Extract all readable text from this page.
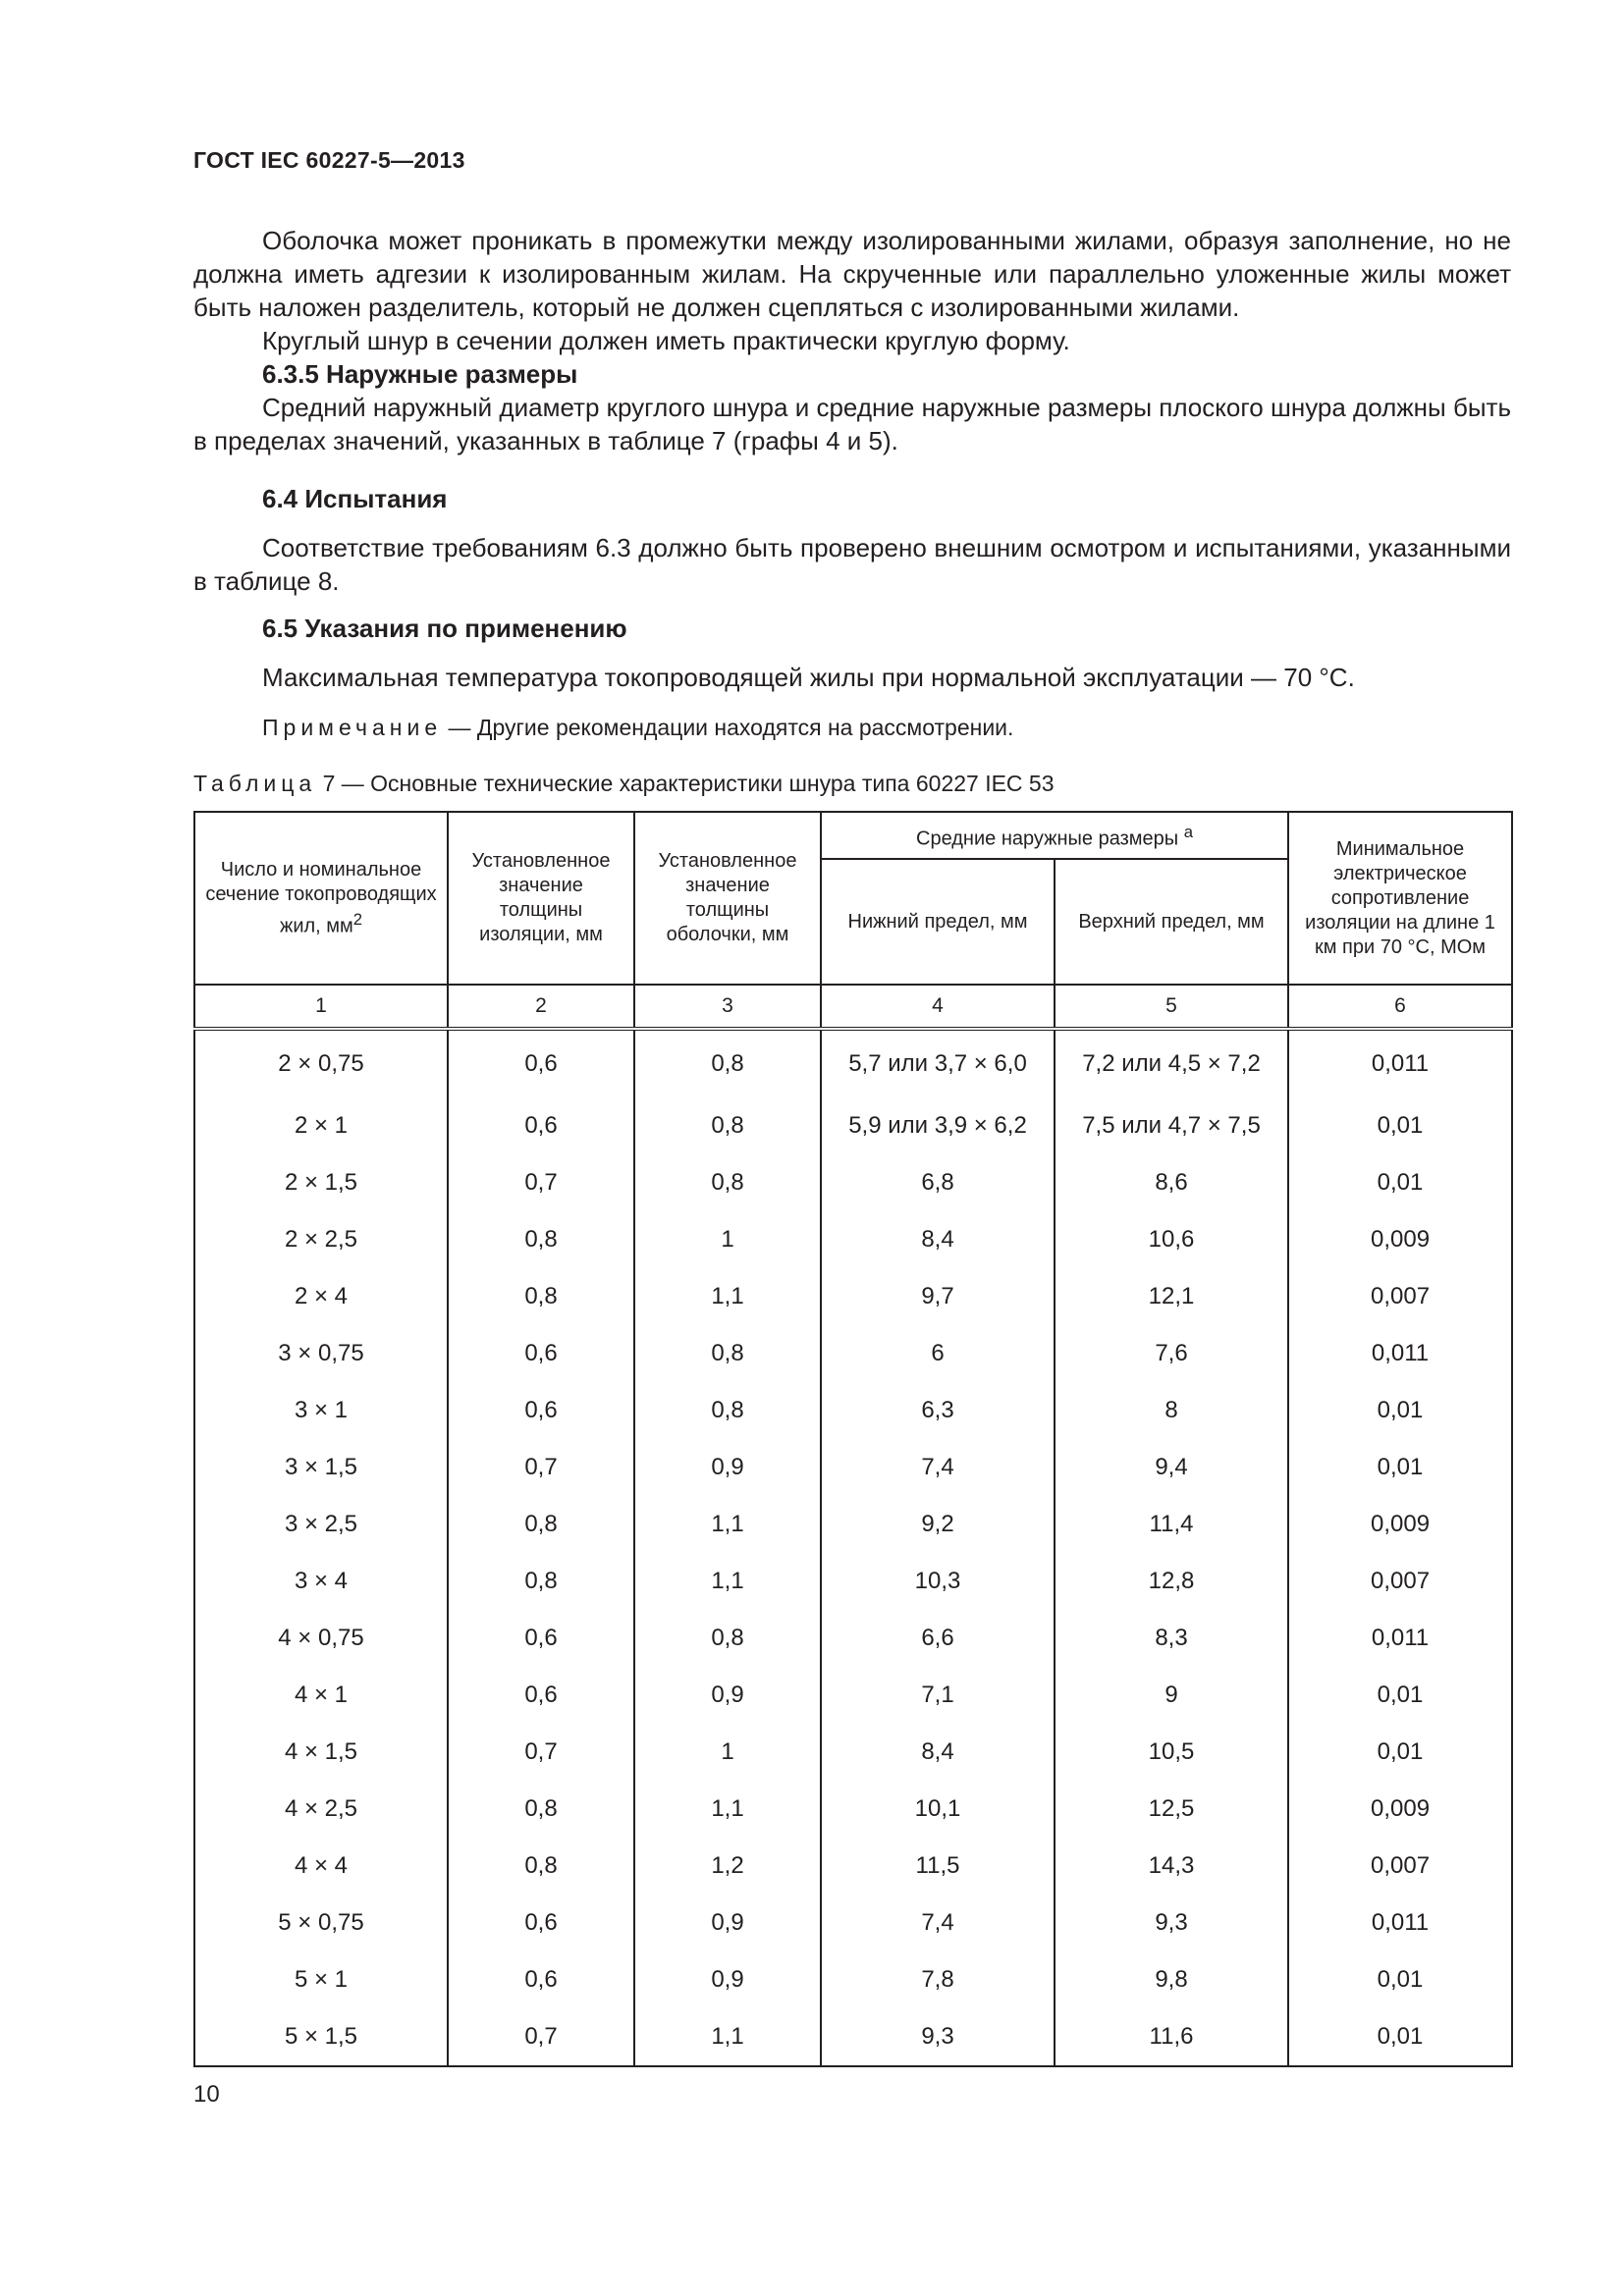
ГОСТ IEC 60227-5—2013

Оболочка может проникать в промежутки между изолированными жилами, образуя заполнение, но не должна иметь адгезии к изолированным жилам. На скрученные или параллельно уложенные жилы может быть наложен разделитель, который не должен сцепляться с изолированными жилами.

Круглый шнур в сечении должен иметь практически круглую форму.

6.3.5 Наружные размеры

Средний наружный диаметр круглого шнура и средние наружные размеры плоского шнура должны быть в пределах значений, указанных в таблице 7 (графы 4 и 5).

6.4 Испытания

Соответствие требованиям 6.3 должно быть проверено внешним осмотром и испытаниями, указанными в таблице 8.

6.5 Указания по применению

Максимальная температура токопроводящей жилы при нормальной эксплуатации — 70 °С.

Примечание — Другие рекомендации находятся на рассмотрении.

Таблица 7 — Основные технические характеристики шнура типа 60227 IEC 53
Число и номинальное сечение токопроводящих жил, $мм^2$	Установленное значение толщины изоляции, мм	Установленное значение толщины оболочки, мм	Средние наружные размеры $^а$		Минимальное электрическое сопротивление изоляции на длине 1 км при 70 °С, МОм
			Нижний предел, мм	Верхний предел, мм	
1	2	3	4	5	6
2 × 0,75	0,6	0,8	5,7 или 3,7 × 6,0	7,2 или 4,5 × 7,2	0,011
2 × 1	0,6	0,8	5,9 или 3,9 × 6,2	7,5 или 4,7 × 7,5	0,01
2 × 1,5	0,7	0,8	6,8	8,6	0,01
2 × 2,5	0,8	1	8,4	10,6	0,009
2 × 4	0,8	1,1	9,7	12,1	0,007
3 × 0,75	0,6	0,8	6	7,6	0,011
3 × 1	0,6	0,8	6,3	8	0,01
3 × 1,5	0,7	0,9	7,4	9,4	0,01
3 × 2,5	0,8	1,1	9,2	11,4	0,009
3 × 4	0,8	1,1	10,3	12,8	0,007
4 × 0,75	0,6	0,8	6,6	8,3	0,011
4 × 1	0,6	0,9	7,1	9	0,01
4 × 1,5	0,7	1	8,4	10,5	0,01
4 × 2,5	0,8	1,1	10,1	12,5	0,009
4 × 4	0,8	1,2	11,5	14,3	0,007
5 × 0,75	0,6	0,9	7,4	9,3	0,011
5 × 1	0,6	0,9	7,8	9,8	0,01
5 × 1,5	0,7	1,1	9,3	11,6	0,01
10
